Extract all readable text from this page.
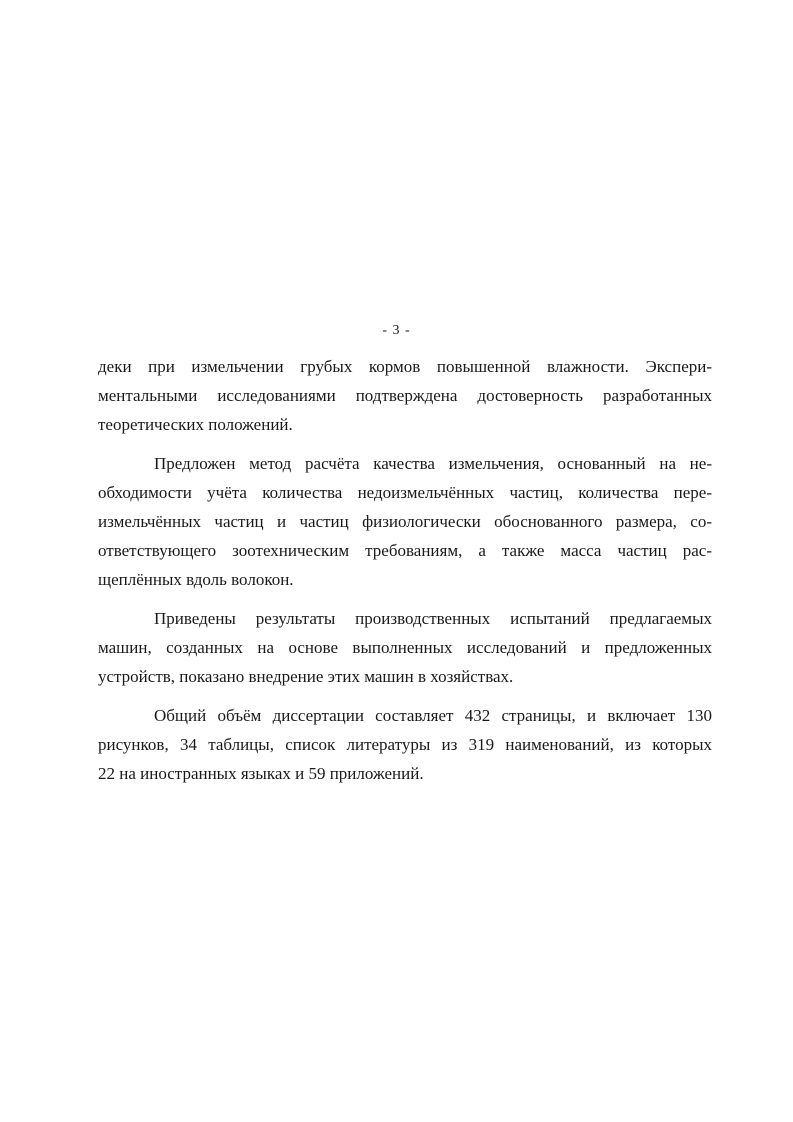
- 3 -
деки при измельчении грубых кормов повышенной влажности. Экспери-
ментальными исследованиями подтверждена достоверность разработанных
теоретических положений.
Предложен метод расчёта качества измельчения, основанный на не-
обходимости учёта количества недоизмельчённых частиц, количества пере-
измельчённых частиц и частиц физиологически обоснованного размера, со-
ответствующего зоотехническим требованиям, а также масса частиц рас-
щеплённых вдоль волокон.
Приведены результаты производственных испытаний предлагаемых
машин, созданных на основе выполненных исследований и предложенных
устройств, показано внедрение этих машин в хозяйствах.
Общий объём диссертации составляет 432 страницы, и включает 130
рисунков, 34 таблицы, список литературы из 319 наименований, из которых
22 на иностранных языках и 59 приложений.
